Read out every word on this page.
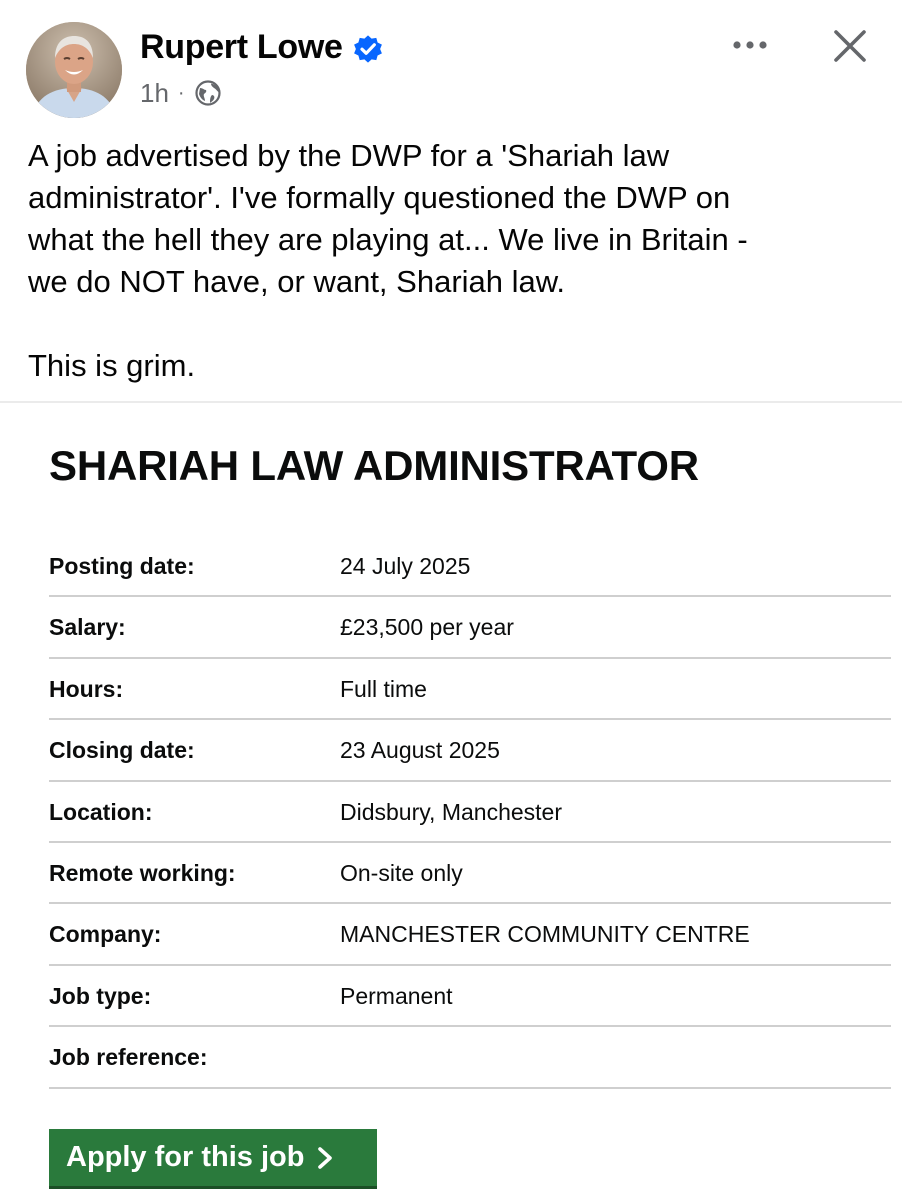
Rupert Lowe
1h ·
A job advertised by the DWP for a 'Shariah law
administrator'. I've formally questioned the DWP on
what the hell they are playing at... We live in Britain -
we do NOT have, or want, Shariah law.

This is grim.
SHARIAH LAW ADMINISTRATOR
Posting date:	24 July 2025
Salary:	£23,500 per year
Hours:	Full time
Closing date:	23 August 2025
Location:	Didsbury, Manchester
Remote working:	On-site only
Company:	MANCHESTER COMMUNITY CENTRE
Job type:	Permanent
Job reference:
Apply for this job
